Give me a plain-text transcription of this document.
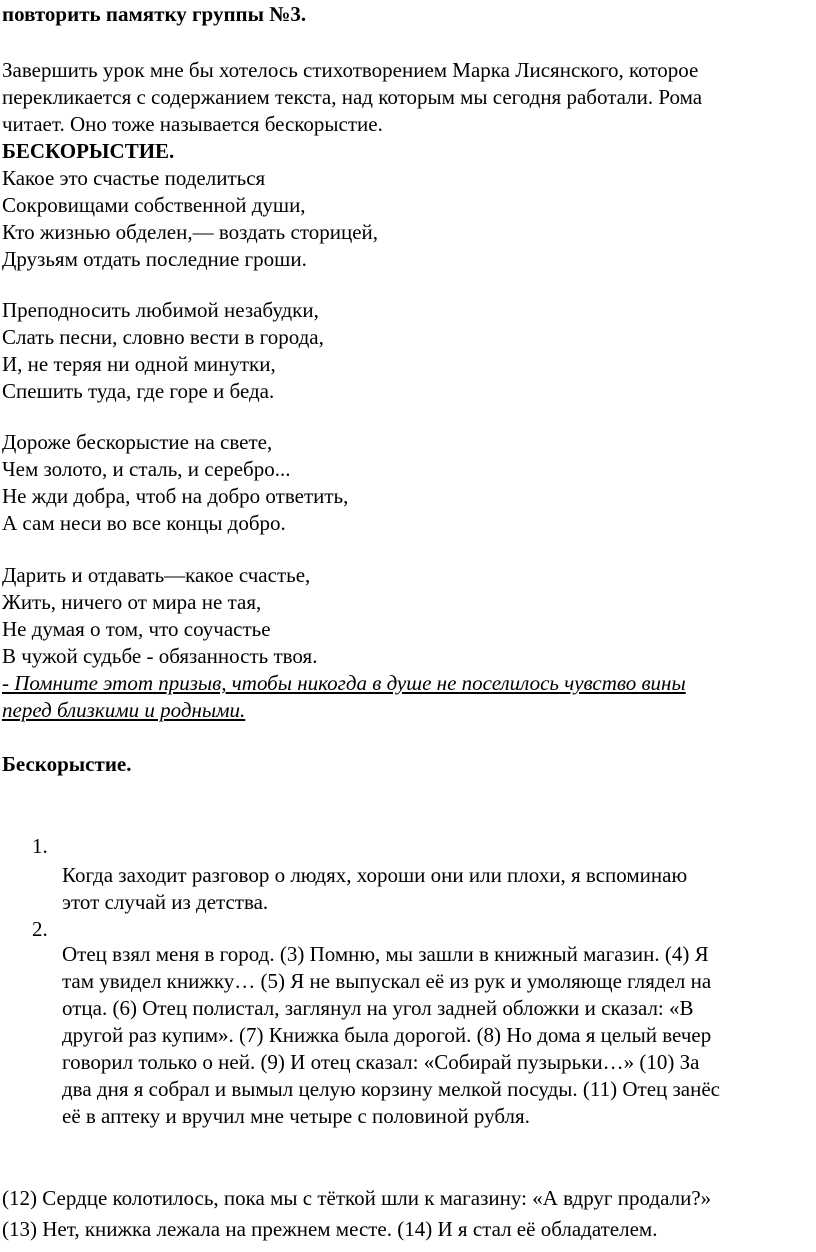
повторить памятку группы №3.
Завершить урок мне бы хотелось стихотворением Марка Лисянского, которое
перекликается с содержанием текста, над которым мы сегодня работали. Рома
читает. Оно тоже называется бескорыстие.
БЕСКОРЫСТИЕ.
Какое это счастье поделиться
Сокровищами собственной души,
Кто жизнью обделен,— воздать сторицей,
Друзьям отдать последние гроши.
Преподносить любимой незабудки,
Слать песни, словно вести в города,
И, не теряя ни одной минутки,
Спешить туда, где горе и беда.
Дороже бескорыстие на свете,
Чем золото, и сталь, и серебро...
Не жди добра, чтоб на добро ответить,
А сам неси во все концы добро.
Дарить и отдавать—какое счастье,
Жить, ничего от мира не тая,
Не думая о том, что соучастье
В чужой судьбе - обязанность твоя.
- Помните этот призыв, чтобы никогда в душе не поселилось чувство вины
перед близкими и родными.
Бескорыстие.
1.
Когда заходит разговор о людях, хороши они или плохи, я вспоминаю
этот случай из детства.
2.
Отец взял меня в город. (3) Помню, мы зашли в книжный магазин. (4) Я
там увидел книжку… (5) Я не выпускал её из рук и умоляюще глядел на
отца. (6) Отец полистал, заглянул на угол задней обложки и сказал: «В
другой раз купим». (7) Книжка была дорогой. (8) Но дома я целый вечер
говорил только о ней. (9) И отец сказал: «Собирай пузырьки…» (10) За
два дня я собрал и вымыл целую корзину мелкой посуды. (11) Отец занёс
её в аптеку и вручил мне четыре с половиной рубля.
(12) Сердце колотилось, пока мы с тёткой шли к магазину: «А вдруг продали?»
(13) Нет, книжка лежала на прежнем месте. (14) И я стал её обладателем.
